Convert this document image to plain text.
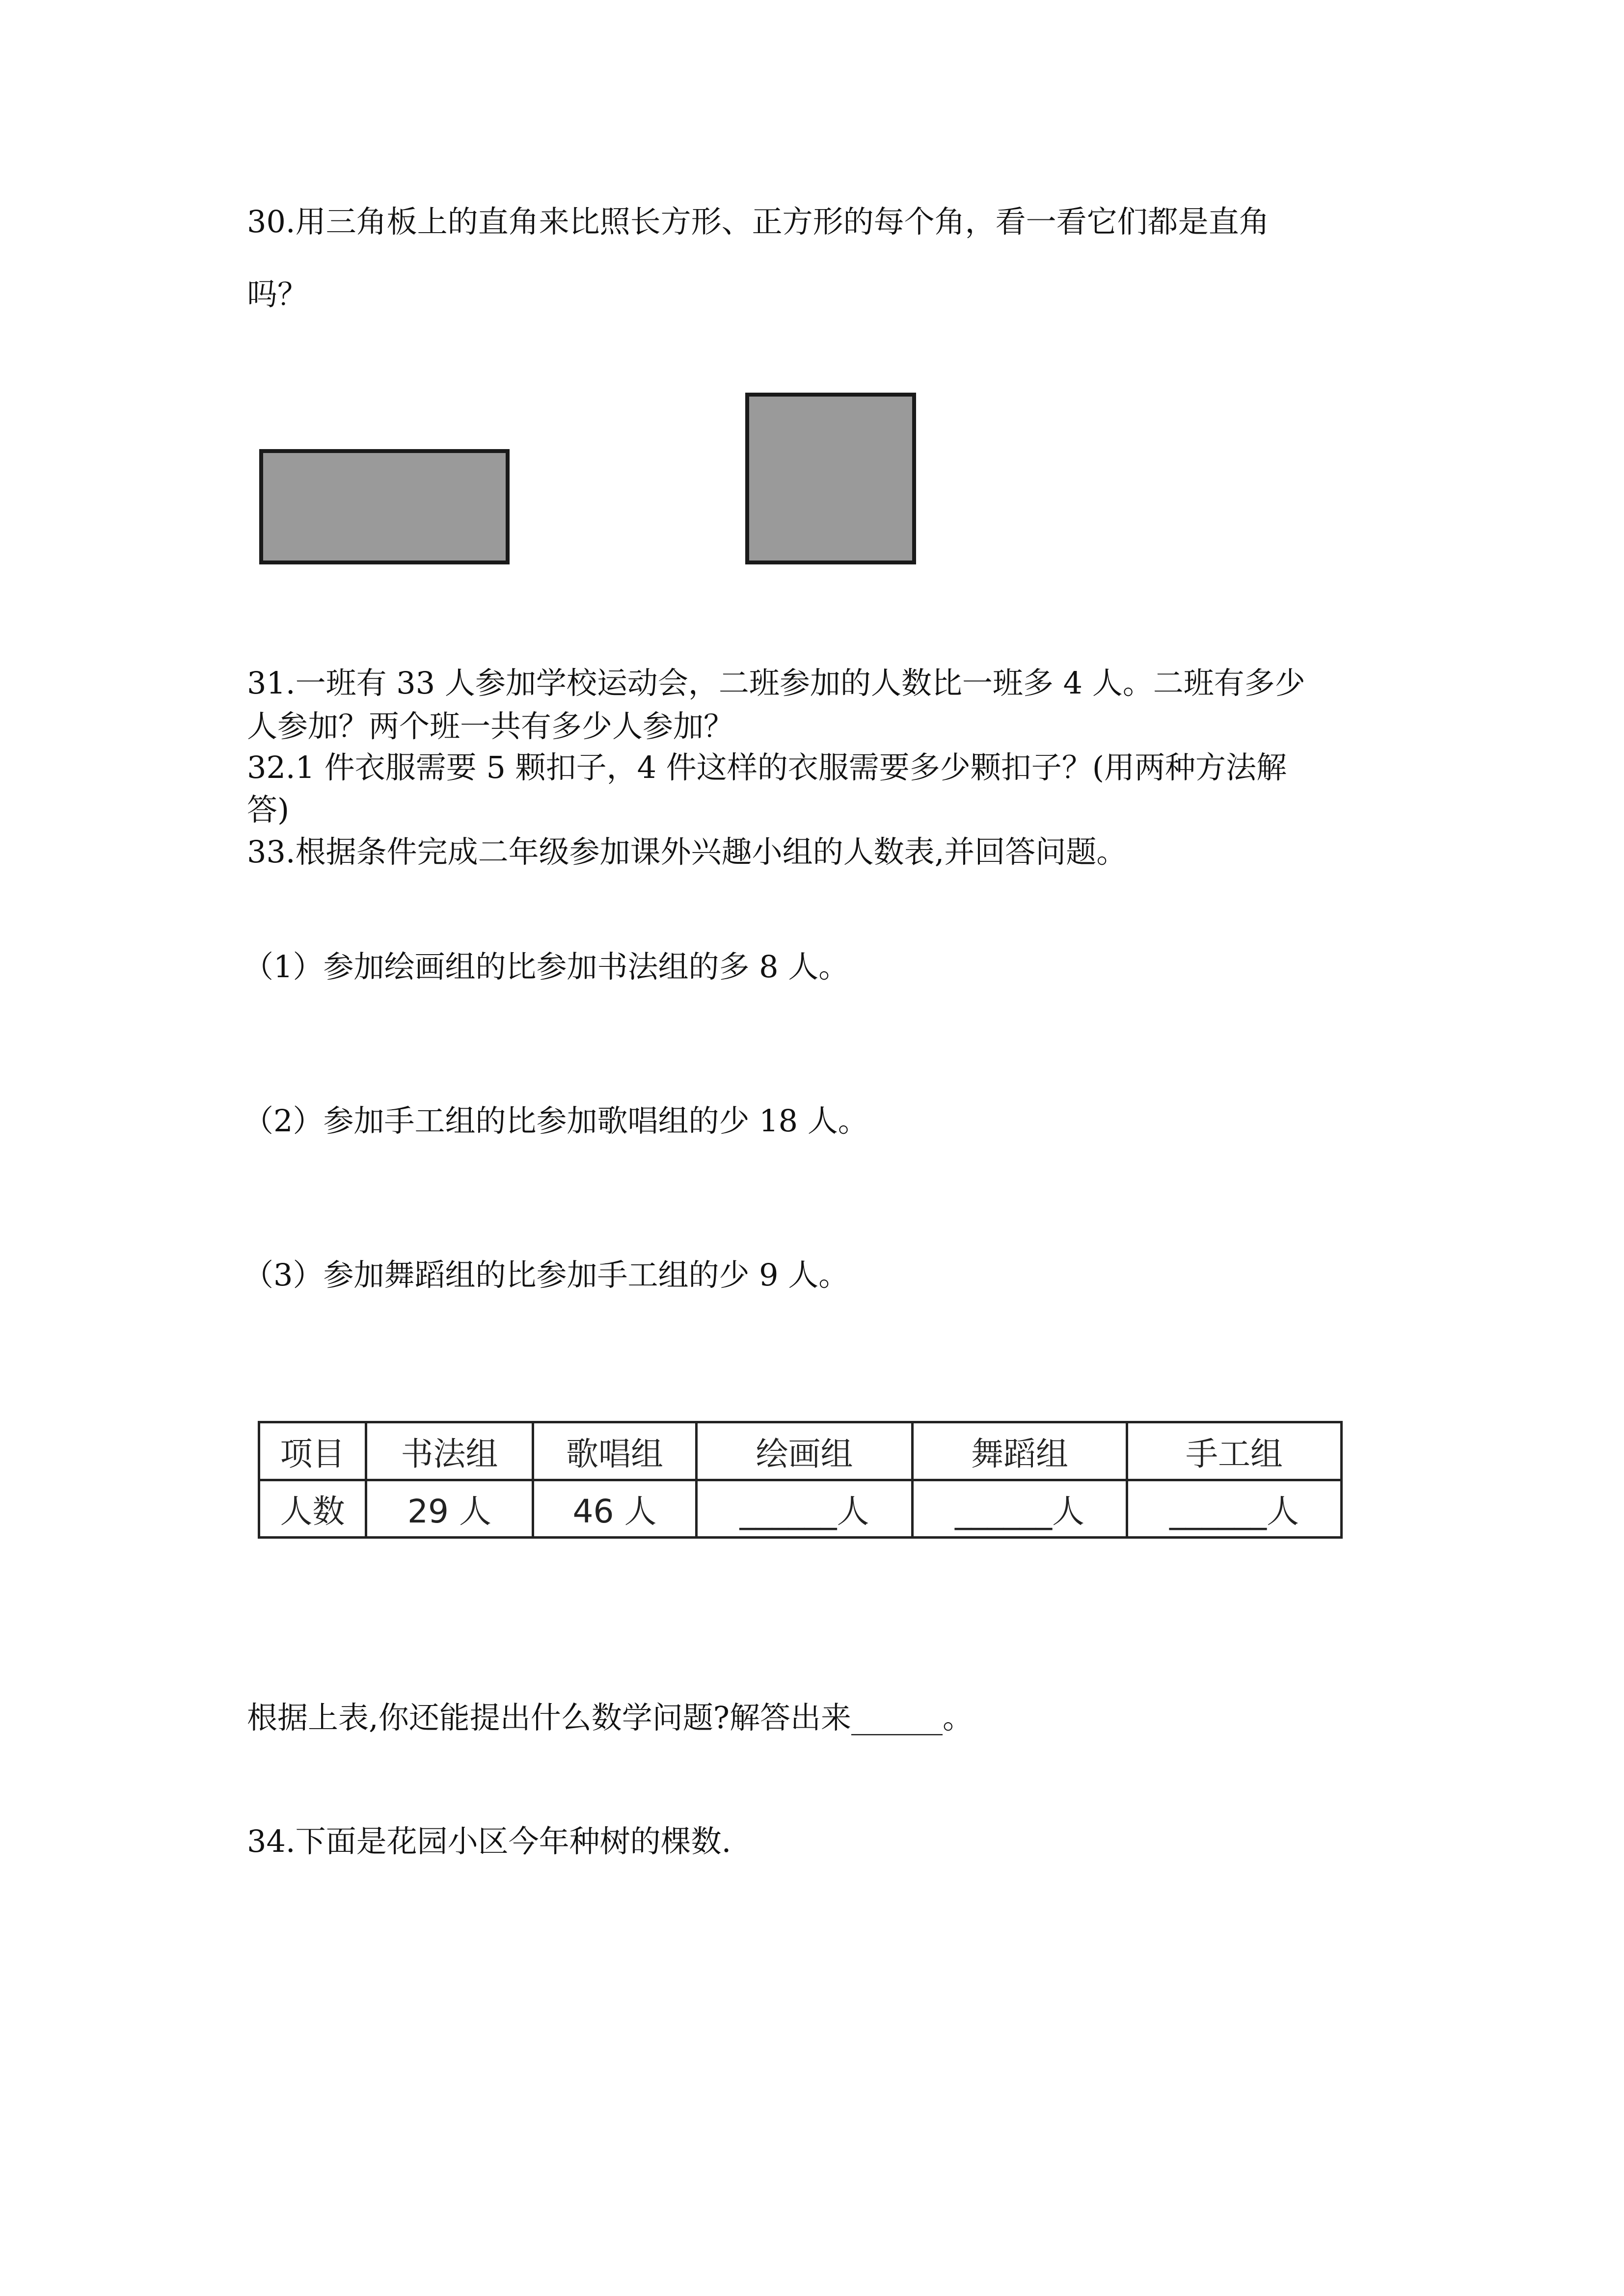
30.用三角板上的直角来比照长方形、正方形的每个角，看一看它们都是直角
吗？
31.一班有 33 人参加学校运动会，二班参加的人数比一班多 4 人。二班有多少
人参加？两个班一共有多少人参加？
32.1 件衣服需要 5 颗扣子，4 件这样的衣服需要多少颗扣子？(用两种方法解
答)
33.根据条件完成二年级参加课外兴趣小组的人数表,并回答问题。
（1）参加绘画组的比参加书法组的多 8 人。
（2）参加手工组的比参加歌唱组的少 18 人。
（3）参加舞蹈组的比参加手工组的少 9 人。
项目	书法组	歌唱组	绘画组	舞蹈组	手工组
人数	29 人	46 人	______人	______人	______人
根据上表,你还能提出什么数学问题?解答出来______。
34.下面是花园小区今年种树的棵数.
